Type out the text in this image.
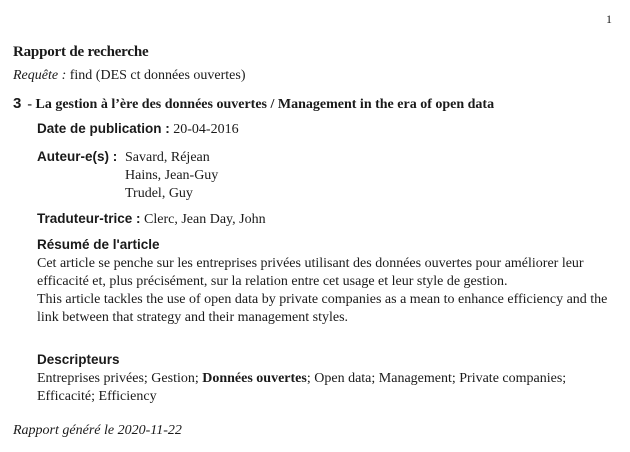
1
Rapport de recherche
Requête : find (DES ct données ouvertes)
3 - La gestion à l’ère des données ouvertes / Management in the era of open data
Date de publication : 20-04-2016
Auteur-e(s) : Savard, Réjean
Hains, Jean-Guy
Trudel, Guy
Traduteur-trice : Clerc, Jean Day, John
Résumé de l'article

Cet article se penche sur les entreprises privées utilisant des données ouvertes pour améliorer leur efficacité et, plus précisément, sur la relation entre cet usage et leur style de gestion.

This article tackles the use of open data by private companies as a mean to enhance efficiency and the link between that strategy and their management styles.

Descripteurs
Entreprises privées; Gestion; Données ouvertes; Open data; Management; Private companies; Efficacité; Efficiency
Rapport généré le 2020-11-22
